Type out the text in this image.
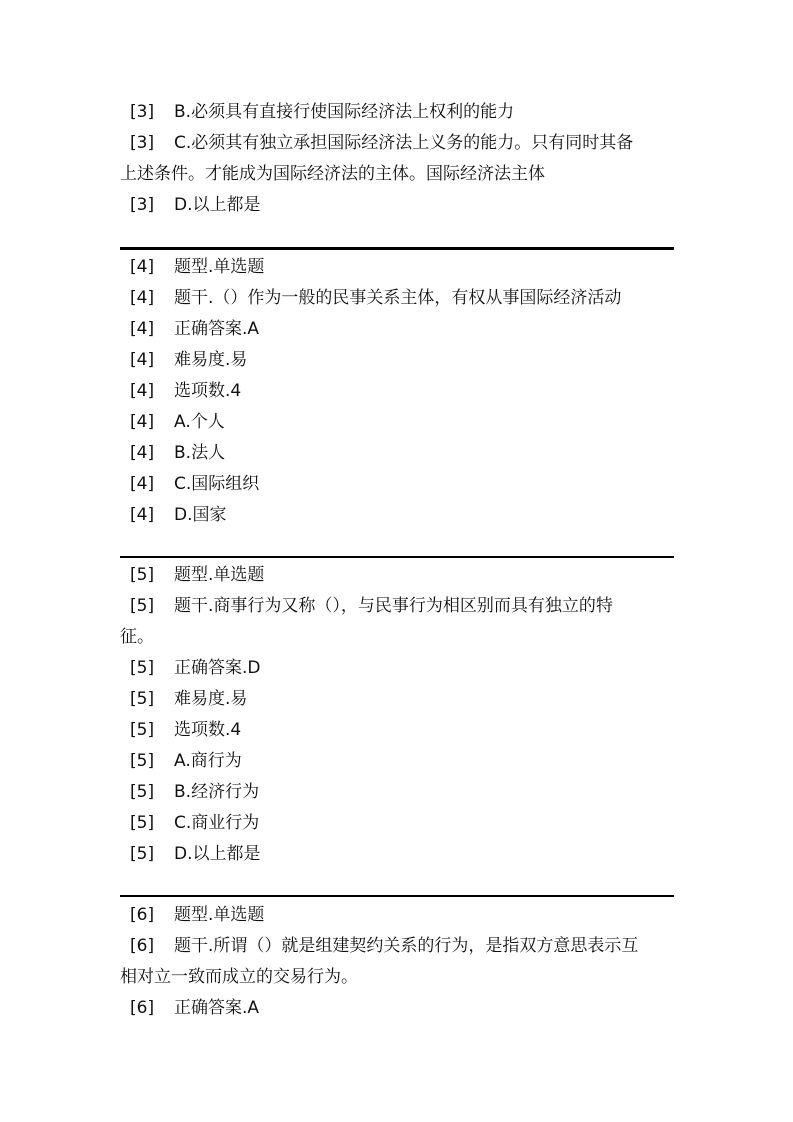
[3] B.必须具有直接行使国际经济法上权利的能力
[3] C.必须其有独立承担国际经济法上义务的能力。只有同时其备
上述条件。才能成为国际经济法的主体。国际经济法主体
[3] D.以上都是
[4] 题型.单选题
[4] 题干.（）作为一般的民事关系主体，有权从事国际经济活动
[4] 正确答案.A
[4] 难易度.易
[4] 选项数.4
[4] A.个人
[4] B.法人
[4] C.国际组织
[4] D.国家
[5] 题型.单选题
[5] 题干.商事行为又称（），与民事行为相区别而具有独立的特
征。
[5] 正确答案.D
[5] 难易度.易
[5] 选项数.4
[5] A.商行为
[5] B.经济行为
[5] C.商业行为
[5] D.以上都是
[6] 题型.单选题
[6] 题干.所谓（）就是组建契约关系的行为，是指双方意思表示互
相对立一致而成立的交易行为。
[6] 正确答案.A
